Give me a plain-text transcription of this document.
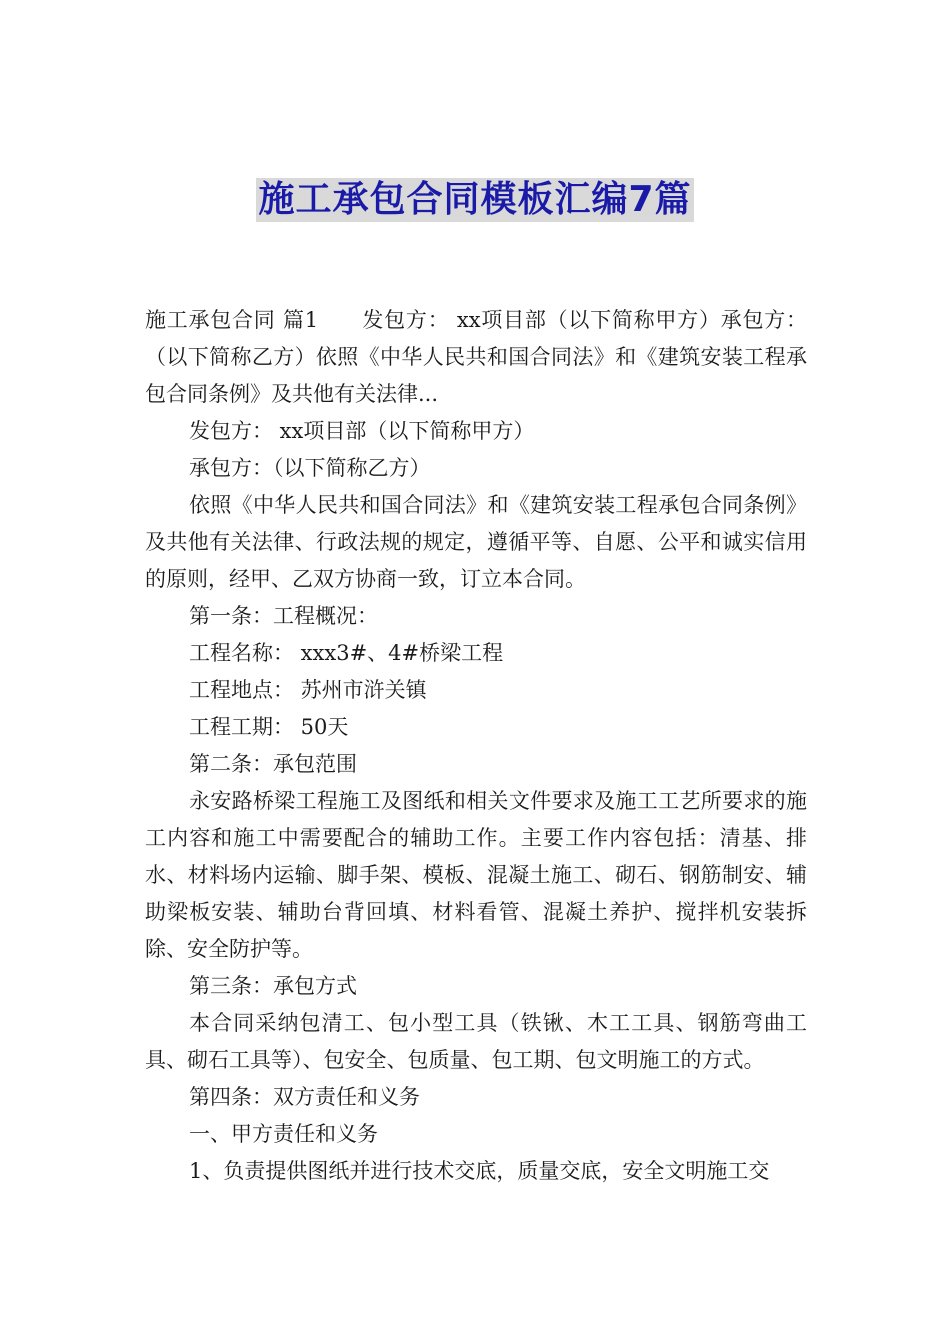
施工承包合同模板汇编7篇

施工承包合同 篇1　　发包方： xx项目部（以下简称甲方）承包方：（以下简称乙方）依照《中华人民共和国合同法》和《建筑安装工程承包合同条例》及共他有关法律...

发包方： xx项目部（以下简称甲方）

承包方：（以下简称乙方）

依照《中华人民共和国合同法》和《建筑安装工程承包合同条例》及共他有关法律、行政法规的规定，遵循平等、自愿、公平和诚实信用的原则，经甲、乙双方协商一致，订立本合同。

第一条：工程概况：

工程名称： xxx3#、4#桥梁工程

工程地点： 苏州市浒关镇

工程工期： 50天

第二条：承包范围

永安路桥梁工程施工及图纸和相关文件要求及施工工艺所要求的施工内容和施工中需要配合的辅助工作。主要工作内容包括：清基、排水、材料场内运输、脚手架、模板、混凝土施工、砌石、钢筋制安、辅助梁板安装、辅助台背回填、材料看管、混凝土养护、搅拌机安装拆除、安全防护等。

第三条：承包方式

本合同采纳包清工、包小型工具（铁锹、木工工具、钢筋弯曲工具、砌石工具等）、包安全、包质量、包工期、包文明施工的方式。

第四条：双方责任和义务

一、甲方责任和义务

1、负责提供图纸并进行技术交底，质量交底，安全文明施工交
